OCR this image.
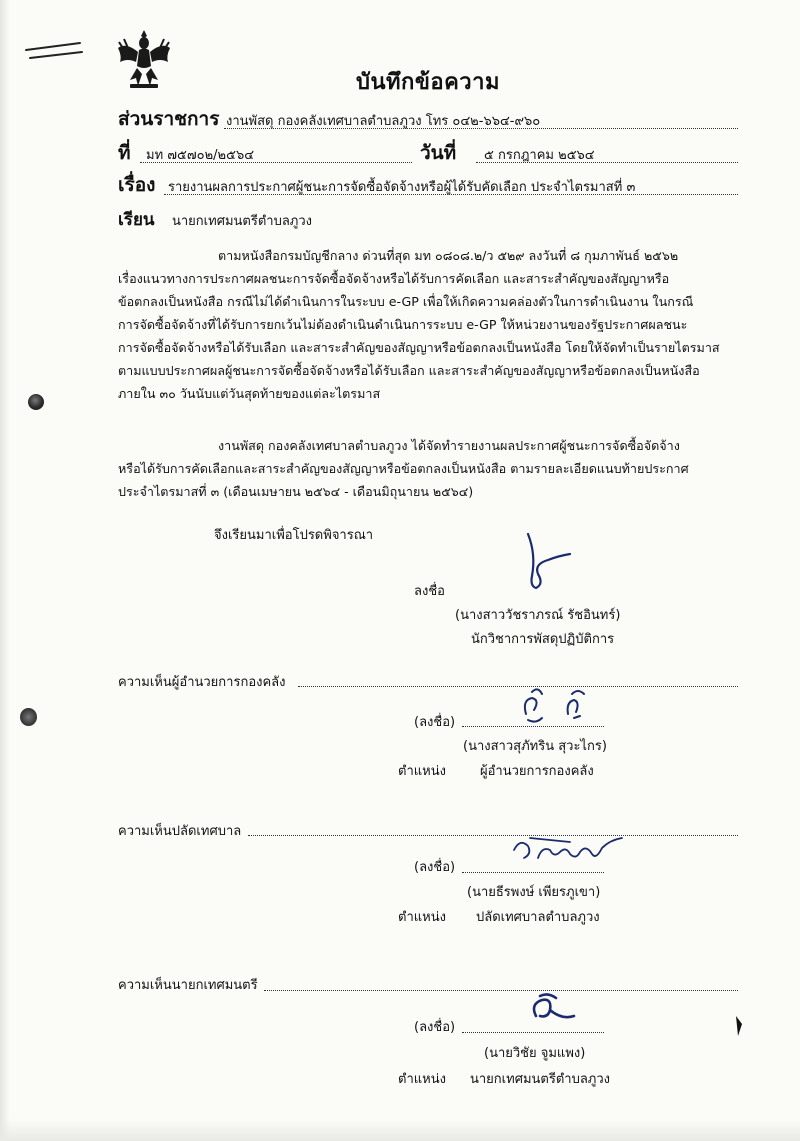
บันทึกข้อความ
ส่วนราชการ งานพัสดุ กองคลังเทศบาลตำบลภูวง โทร ๐๔๒-๖๖๔-๙๖๐
ที่ มท ๗๕๗๐๒/๒๕๖๔	วันที่ ๕ กรกฎาคม ๒๕๖๔
เรื่อง รายงานผลการประกาศผู้ชนะการจัดซื้อจัดจ้างหรือผู้ได้รับคัดเลือก ประจำไตรมาสที่ ๓
เรียน นายกเทศมนตรีตำบลภูวง
ตามหนังสือกรมบัญชีกลาง ด่วนที่สุด มท ๐๘๐๘.๒/ว ๕๒๙ ลงวันที่ ๘ กุมภาพันธ์ ๒๕๖๒
เรื่องแนวทางการประกาศผลชนะการจัดซื้อจัดจ้างหรือได้รับการคัดเลือก และสาระสำคัญของสัญญาหรือ
ข้อตกลงเป็นหนังสือ กรณีไม่ได้ดำเนินการในระบบ e-GP เพื่อให้เกิดความคล่องตัวในการดำเนินงาน ในกรณี
การจัดซื้อจัดจ้างที่ได้รับการยกเว้นไม่ต้องดำเนินดำเนินการระบบ e-GP ให้หน่วยงานของรัฐประกาศผลชนะ
การจัดซื้อจัดจ้างหรือได้รับเลือก และสาระสำคัญของสัญญาหรือข้อตกลงเป็นหนังสือ โดยให้จัดทำเป็นรายไตรมาส
ตามแบบประกาศผลผู้ชนะการจัดซื้อจัดจ้างหรือได้รับเลือก และสาระสำคัญของสัญญาหรือข้อตกลงเป็นหนังสือ
ภายใน ๓๐ วันนับแต่วันสุดท้ายของแต่ละไตรมาส
งานพัสดุ กองคลังเทศบาลตำบลภูวง ได้จัดทำรายงานผลประกาศผู้ชนะการจัดซื้อจัดจ้าง
หรือได้รับการคัดเลือกและสาระสำคัญของสัญญาหรือข้อตกลงเป็นหนังสือ ตามรายละเอียดแนบท้ายประกาศ
ประจำไตรมาสที่ ๓ (เดือนเมษายน ๒๕๖๔ - เดือนมิถุนายน ๒๕๖๔)
จึงเรียนมาเพื่อโปรดพิจารณา
ลงชื่อ
(นางสาววัชราภรณ์ รัชอินทร์)
นักวิชาการพัสดุปฏิบัติการ
ความเห็นผู้อำนวยการกองคลัง
(ลงชื่อ)
(นางสาวสุภัทริน สุวะไกร)
ตำแหน่ง	ผู้อำนวยการกองคลัง
ความเห็นปลัดเทศบาล
(ลงชื่อ)
(นายธีรพงษ์ เพียรภูเขา)
ตำแหน่ง ปลัดเทศบาลตำบลภูวง
ความเห็นนายกเทศมนตรี
(ลงชื่อ)
(นายวิชัย จูมแพง)
ตำแหน่ง นายกเทศมนตรีตำบลภูวง
